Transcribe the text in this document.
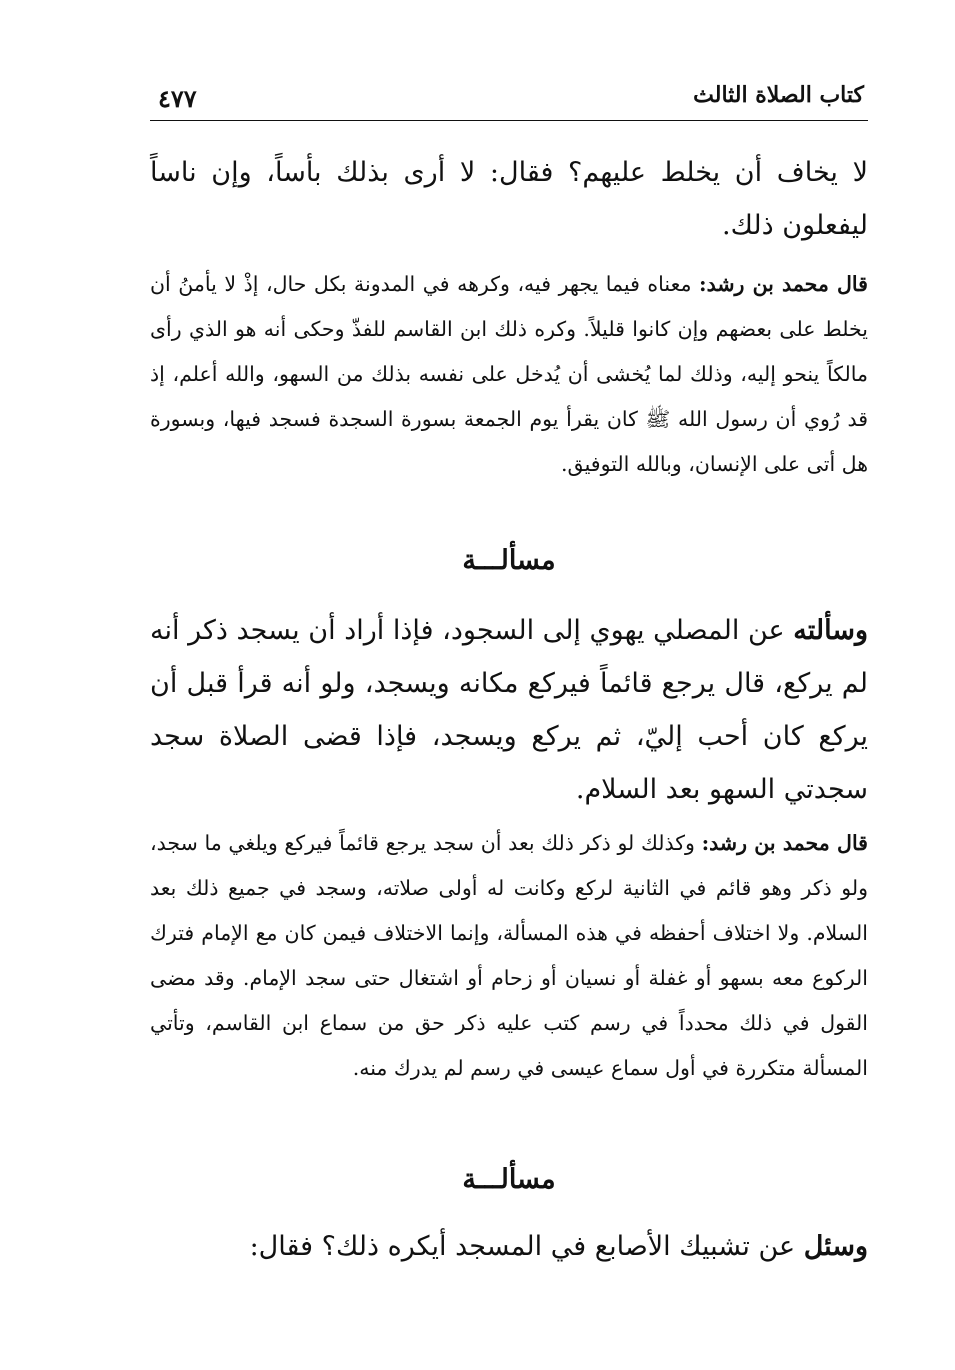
كتاب الصلاة الثالث
٤٧٧

لا يخاف أن يخلط عليهم؟ فقال: لا أرى بذلك بأساً، وإن ناساً ليفعلون ذلك.

قال محمد بن رشد: معناه فيما يجهر فيه، وكرهه في المدونة بكل حال، إذْ لا يأمنُ أن يخلط على بعضهم وإن كانوا قليلاً. وكره ذلك ابن القاسم للفذّ وحكى أنه هو الذي رأى مالكاً ينحو إليه، وذلك لما يُخشى أن يُدخل على نفسه بذلك من السهو، والله أعلم، إذ قد رُوي أن رسول الله ﷺ كان يقرأ يوم الجمعة بسورة السجدة فسجد فيها، وبسورة هل أتى على الإنسان، وبالله التوفيق.

مسألـــة

وسألته عن المصلي يهوي إلى السجود، فإذا أراد أن يسجد ذكر أنه لم يركع، قال يرجع قائماً فيركع مكانه ويسجد، ولو أنه قرأ قبل أن يركع كان أحب إليّ، ثم يركع ويسجد، فإذا قضى الصلاة سجد سجدتي السهو بعد السلام.

قال محمد بن رشد: وكذلك لو ذكر ذلك بعد أن سجد يرجع قائماً فيركع ويلغي ما سجد، ولو ذكر وهو قائم في الثانية لركع وكانت له أولى صلاته، وسجد في جميع ذلك بعد السلام. ولا اختلاف أحفظه في هذه المسألة، وإنما الاختلاف فيمن كان مع الإمام فترك الركوع معه بسهو أو غفلة أو نسيان أو زحام أو اشتغال حتى سجد الإمام. وقد مضى القول في ذلك محدداً في رسم كتب عليه ذكر حق من سماع ابن القاسم، وتأتي المسألة متكررة في أول سماع عيسى في رسم لم يدرك منه.

مسألـــة

وسئل عن تشبيك الأصابع في المسجد أيكره ذلك؟ فقال:
